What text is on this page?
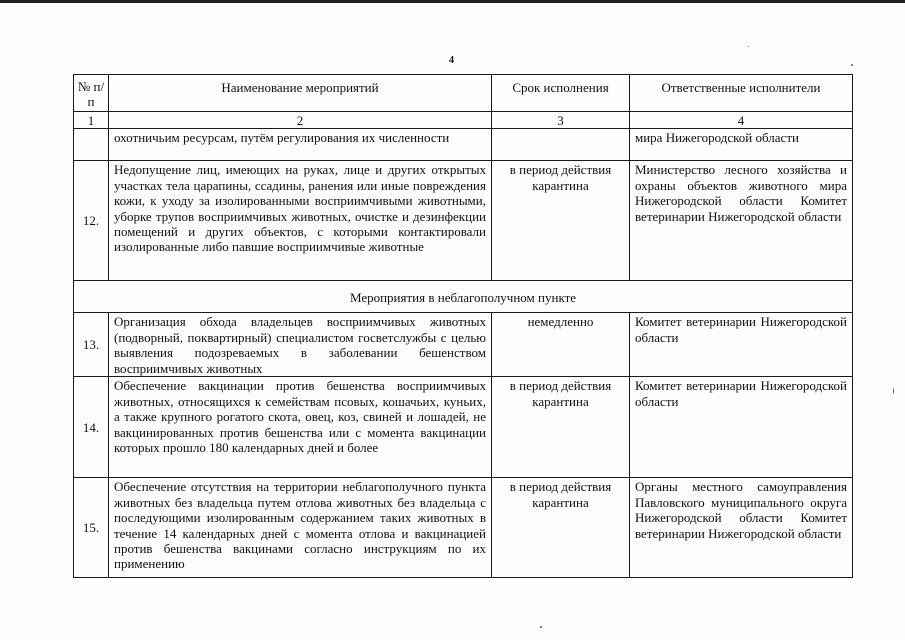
4
№ п/п	Наименование мероприятий	Срок исполнения	Ответственные исполнители
1	2	3	4
	охотничьим ресурсам, путём регулирования их численности		мира Нижегородской области
12.	Недопущение лиц, имеющих на руках, лице и других открытых участках тела царапины, ссадины, ранения или иные повреждения кожи, к уходу за изолированными восприимчивыми животными, уборке трупов восприимчивых животных, очистке и дезинфекции помещений и других объектов, с которыми контактировали изолированные либо павшие восприимчивые животные	в период действия карантина	Министерство лесного хозяйства и охраны объектов животного мира Нижегородской области Комитет ветеринарии Нижегородской области
Мероприятия в неблагополучном пункте			
13.	Организация обхода владельцев восприимчивых животных (подворный, поквартирный) специалистом госветслужбы с целью выявления подозреваемых в заболевании бешенством восприимчивых животных	немедленно	Комитет ветеринарии Нижегородской области
14.	Обеспечение вакцинации против бешенства восприимчивых животных, относящихся к семействам псовых, кошачьих, куньих, а также крупного рогатого скота, овец, коз, свиней и лошадей, не вакцинированных против бешенства или с момента вакцинации которых прошло 180 календарных дней и более	в период действия карантина	Комитет ветеринарии Нижегородской области
15.	Обеспечение отсутствия на территории неблагополучного пункта животных без владельца путем отлова животных без владельца с последующими изолированным содержанием таких животных в течение 14 календарных дней с момента отлова и вакцинацией против бешенства вакцинами согласно инструкциям по их применению	в период действия карантина	Органы местного самоуправления Павловского муниципального округа Нижегородской области Комитет ветеринарии Нижегородской области
